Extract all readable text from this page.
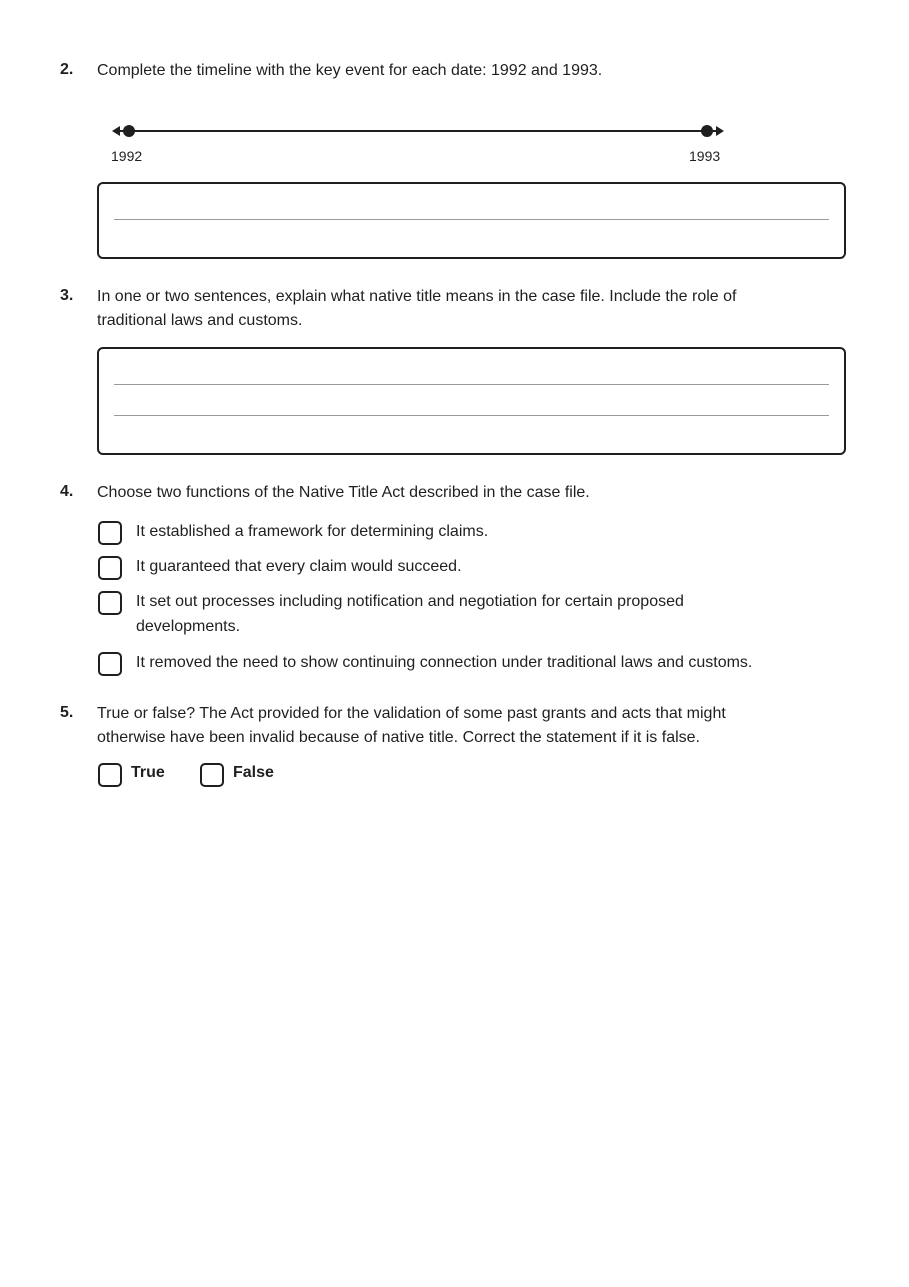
2. Complete the timeline with the key event for each date: 1992 and 1993.
1992	1993
3. In one or two sentences, explain what native title means in the case file. Include the role of
traditional laws and customs.
4. Choose two functions of the Native Title Act described in the case file.
It established a framework for determining claims.
It guaranteed that every claim would succeed.
It set out processes including notification and negotiation for certain proposed
developments.
It removed the need to show continuing connection under traditional laws and customs.
5. True or false? The Act provided for the validation of some past grants and acts that might
otherwise have been invalid because of native title. Correct the statement if it is false.
True	False
